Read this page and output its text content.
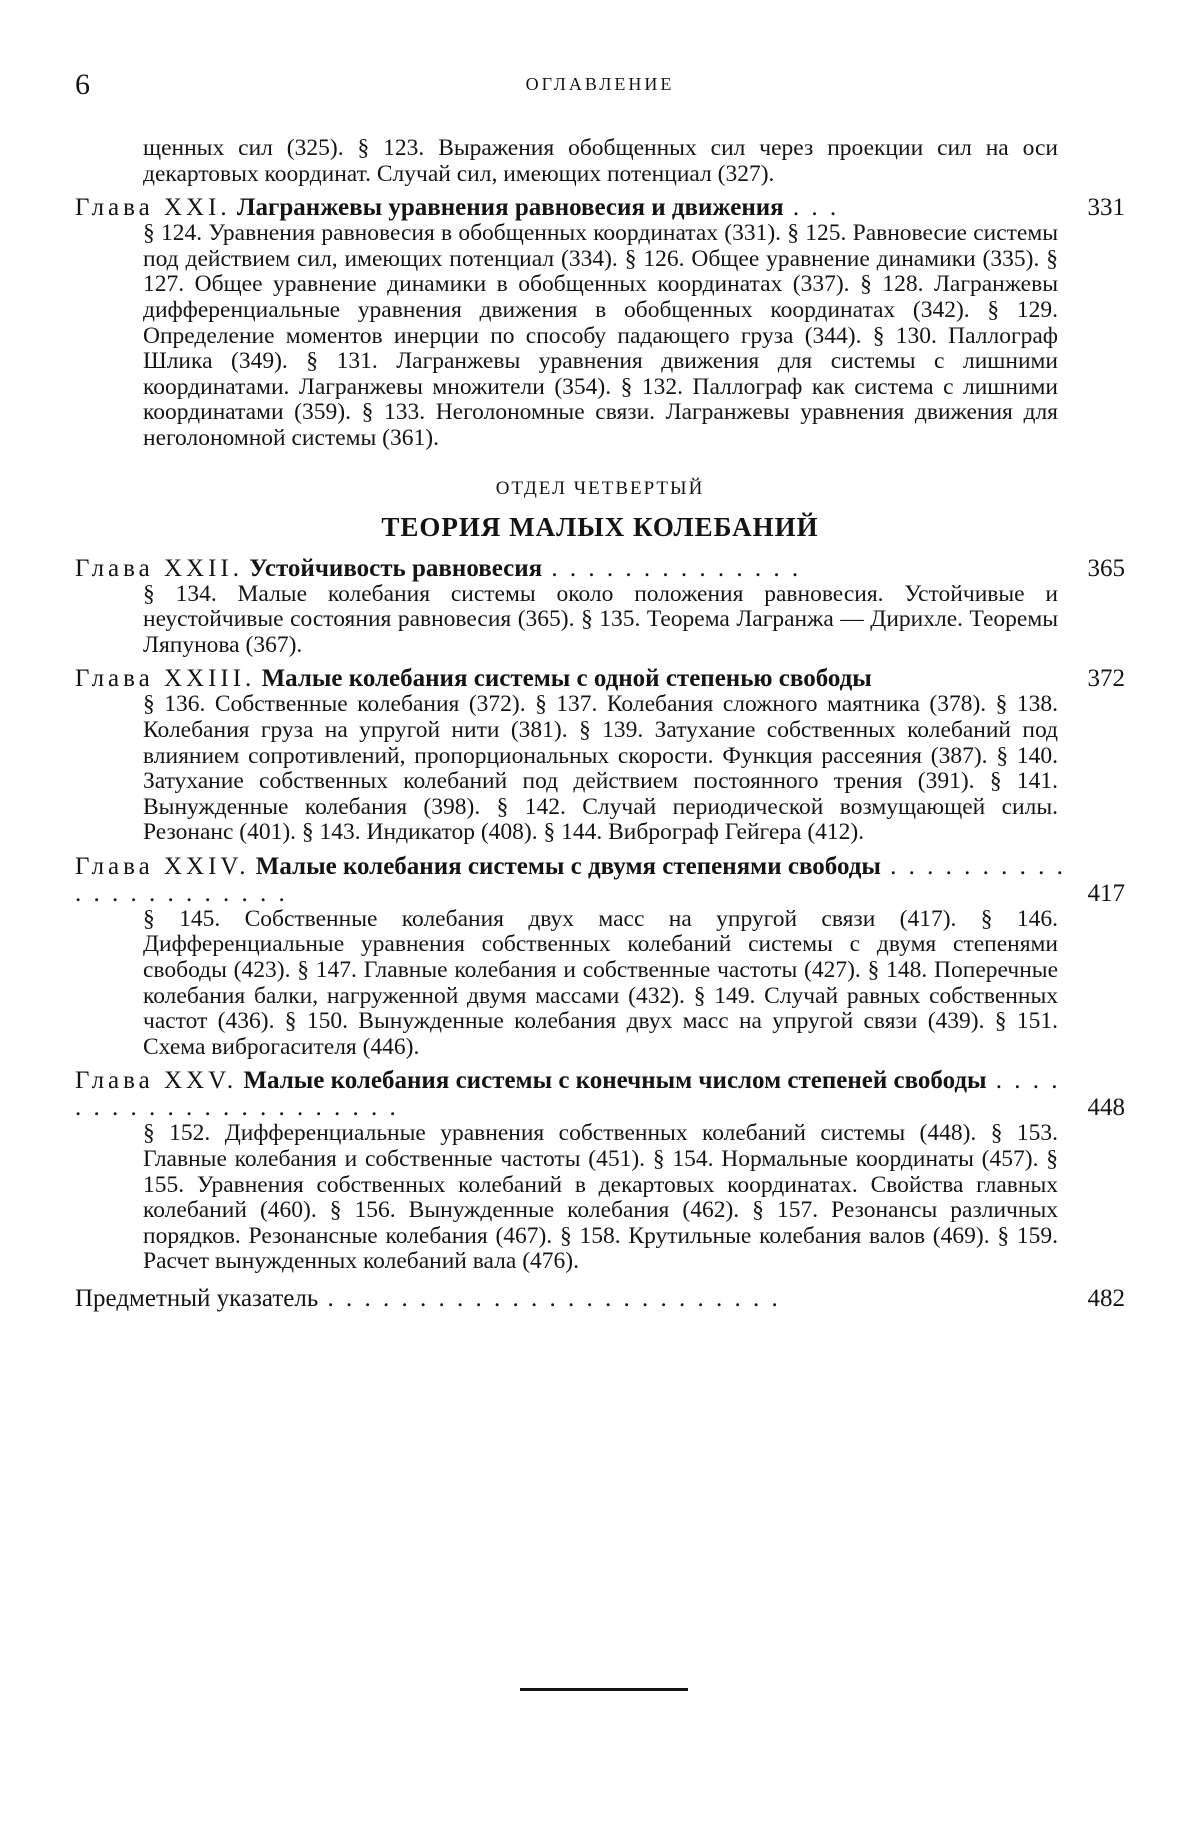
6	ОГЛАВЛЕНИЕ
щенных сил (325). § 123. Выражения обобщенных сил через проекции сил на оси декартовых координат. Случай сил, имеющих потенциал (327).
Глава XXI. Лагранжевы уравнения равновесия и движения . . .	331
§ 124. Уравнения равновесия в обобщенных координатах (331). § 125. Равновесие системы под действием сил, имеющих потенциал (334). § 126. Общее уравнение динамики (335). § 127. Общее уравнение динамики в обобщенных координатах (337). § 128. Лагранжевы дифференциальные уравнения движения в обобщенных координатах (342). § 129. Определение моментов инерции по способу падающего груза (344). § 130. Паллограф Шлика (349). § 131. Лагранжевы уравнения движения для системы с лишними координатами. Лагранжевы множители (354). § 132. Паллограф как система с лишними координатами (359). § 133. Неголономные связи. Лагранжевы уравнения движения для неголономной системы (361).
ОТДЕЛ ЧЕТВЕРТЫЙ
ТЕОРИЯ МАЛЫХ КОЛЕБАНИЙ
Глава XXII. Устойчивость равновесия . . . . . . . . . . . . . .	365
§ 134. Малые колебания системы около положения равновесия. Устойчивые и неустойчивые состояния равновесия (365). § 135. Теорема Лагранжа — Дирихле. Теоремы Ляпунова (367).
Глава XXIII. Малые колебания системы с одной степенью свободы	372
§ 136. Собственные колебания (372). § 137. Колебания сложного маятника (378). § 138. Колебания груза на упругой нити (381). § 139. Затухание собственных колебаний под влиянием сопротивлений, пропорциональных скорости. Функция рассеяния (387). § 140. Затухание собственных колебаний под действием постоянного трения (391). § 141. Вынужденные колебания (398). § 142. Случай периодической возмущающей силы. Резонанс (401). § 143. Индикатор (408). § 144. Виброграф Гейгера (412).
Глава XXIV. Малые колебания системы с двумя степенями свободы . . . . . . . . . . . . . . . . . . . . . .	417
§ 145. Собственные колебания двух масс на упругой связи (417). § 146. Дифференциальные уравнения собственных колебаний системы с двумя степенями свободы (423). § 147. Главные колебания и собственные частоты (427). § 148. Поперечные колебания балки, нагруженной двумя массами (432). § 149. Случай равных собственных частот (436). § 150. Вынужденные колебания двух масс на упругой связи (439). § 151. Схема виброгасителя (446).
Глава XXV. Малые колебания системы с конечным числом степеней свободы . . . . . . . . . . . . . . . . . . . . . .	448
§ 152. Дифференциальные уравнения собственных колебаний системы (448). § 153. Главные колебания и собственные частоты (451). § 154. Нормальные координаты (457). § 155. Уравнения собственных колебаний в декартовых координатах. Свойства главных колебаний (460). § 156. Вынужденные колебания (462). § 157. Резонансы различных порядков. Резонансные колебания (467). § 158. Крутильные колебания валов (469). § 159. Расчет вынужденных колебаний вала (476).
Предметный указатель . . . . . . . . . . . . . . . . . . . . . . . . .	482
